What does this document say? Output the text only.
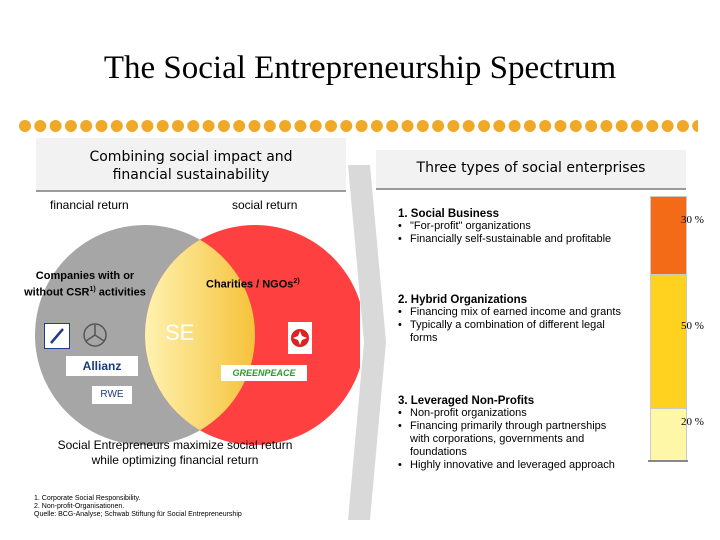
The Social Entrepreneurship Spectrum
Combining social impact and
financial sustainability
financial return	social return
Companies with or
without CSR$^{1)}$ activities
Charities / NGOs$^{2)}$
SE
Allianz
RWE
GREENPEACE
Social Entrepreneurs maximize social return
while optimizing financial return
Three types of social enterprises
1. Social Business
• "For-profit" organizations
• Financially self-sustainable and profitable
2. Hybrid Organizations
• Financing mix of earned income and grants
• Typically a combination of different legal forms
3. Leveraged Non-Profits
• Non-profit organizations
• Financing primarily through partnerships with corporations, governments and foundations
• Highly innovative and leveraged approach
30 %
50 %
20 %
1. Corporate Social Responsibility.
2. Non-profit-Organisationen.
Quelle: BCG-Analyse; Schwab Stiftung für Social Entrepreneurship
